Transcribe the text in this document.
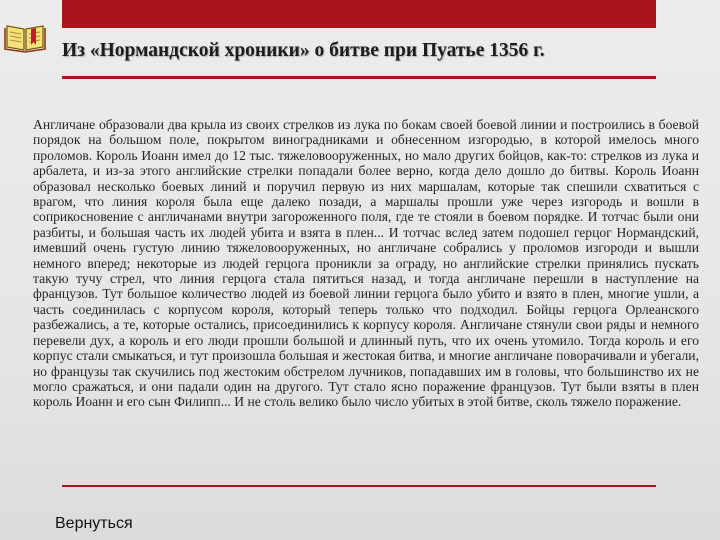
Из «Нормандской хроники» о битве при Пуатье 1356 г.

Англичане образовали два крыла из своих стрелков из лука по бокам своей боевой линии и построились в боевой порядок на большом поле, покрытом виноградниками и обнесенном изгородью, в которой имелось много проломов. Король Иоанн имел до 12 тыс. тяжеловооруженных, но мало других бойцов, как-то: стрелков из лука и арбалета, и из-за этого английские стрелки попадали более верно, когда дело дошло до битвы. Король Иоанн образовал несколько боевых линий и поручил первую из них маршалам, которые так спешили схватиться с врагом, что линия короля была еще далеко позади, а маршалы прошли уже через изгородь и вошли в соприкосновение с англичанами внутри загороженного поля, где те стояли в боевом порядке. И тотчас были они разбиты, и большая часть их людей убита и взята в плен... И тотчас вслед затем подошел герцог Нормандский, имевший очень густую линию тяжеловооруженных, но англичане собрались у проломов изгороди и вышли немного вперед; некоторые из людей герцога проникли за ограду, но английские стрелки принялись пускать такую тучу стрел, что линия герцога стала пятиться назад, и тогда англичане перешли в наступление на французов. Тут большое количество людей из боевой линии герцога было убито и взято в плен, многие ушли, а часть соединилась с корпусом короля, который теперь только что подходил. Бойцы герцога Орлеанского разбежались, а те, которые остались, присоединились к корпусу короля. Англичане стянули свои ряды и немного перевели дух, а король и его люди прошли большой и длинный путь, что их очень утомило. Тогда король и его корпус стали смыкаться, и тут произошла большая и жестокая битва, и многие англичане поворачивали и убегали, но французы так скучились под жестоким обстрелом лучников, попадавших им в головы, что большинство их не могло сражаться, и они падали один на другого. Тут стало ясно поражение французов. Тут были взяты в плен король Иоанн и его сын Филипп... И не столь велико было число убитых в этой битве, сколь тяжело поражение.

Вернуться
